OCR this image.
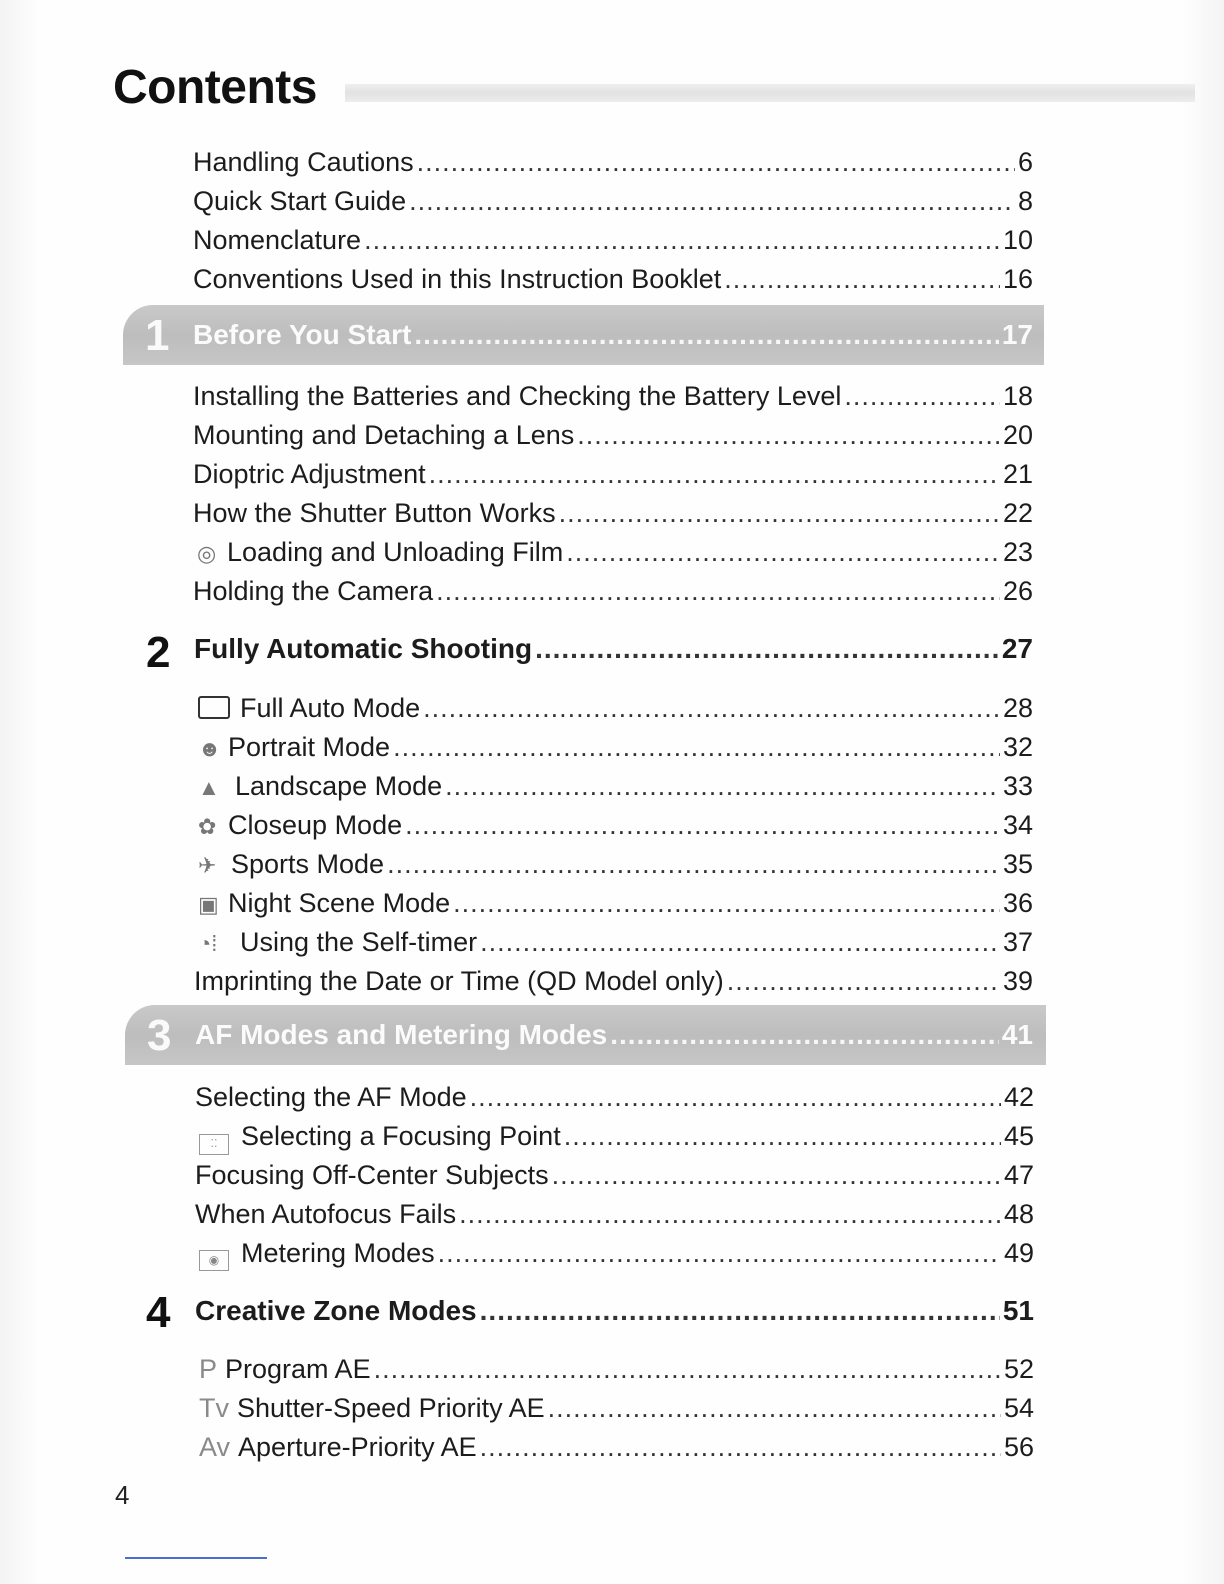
Contents
Handling Cautions .....	6
Quick Start Guide .....	8
Nomenclature .....	10
Conventions Used in this Instruction Booklet .....	16
1 Before You Start .....	17
Installing the Batteries and Checking the Battery Level .....	18
Mounting and Detaching a Lens .....	20
Dioptric Adjustment .....	21
How the Shutter Button Works .....	22
◎ Loading and Unloading Film .....	23
Holding the Camera .....	26
2 Fully Automatic Shooting .....	27
Full Auto Mode .....	28
☻ Portrait Mode .....	32
▲ Landscape Mode .....	33
✿ Closeup Mode .....	34
✈ Sports Mode .....	35
▣ Night Scene Mode .....	36
◔⁞ Using the Self-timer .....	37
Imprinting the Date or Time (QD Model only) .....	39
3 AF Modes and Metering Modes .....	41
Selecting the AF Mode .....	42
⁚⁚ Selecting a Focusing Point .....	45
Focusing Off-Center Subjects .....	47
When Autofocus Fails .....	48
◉ Metering Modes .....	49
4 Creative Zone Modes .....	51
P Program AE .....	52
Tv Shutter-Speed Priority AE .....	54
Av Aperture-Priority AE .....	56
4
